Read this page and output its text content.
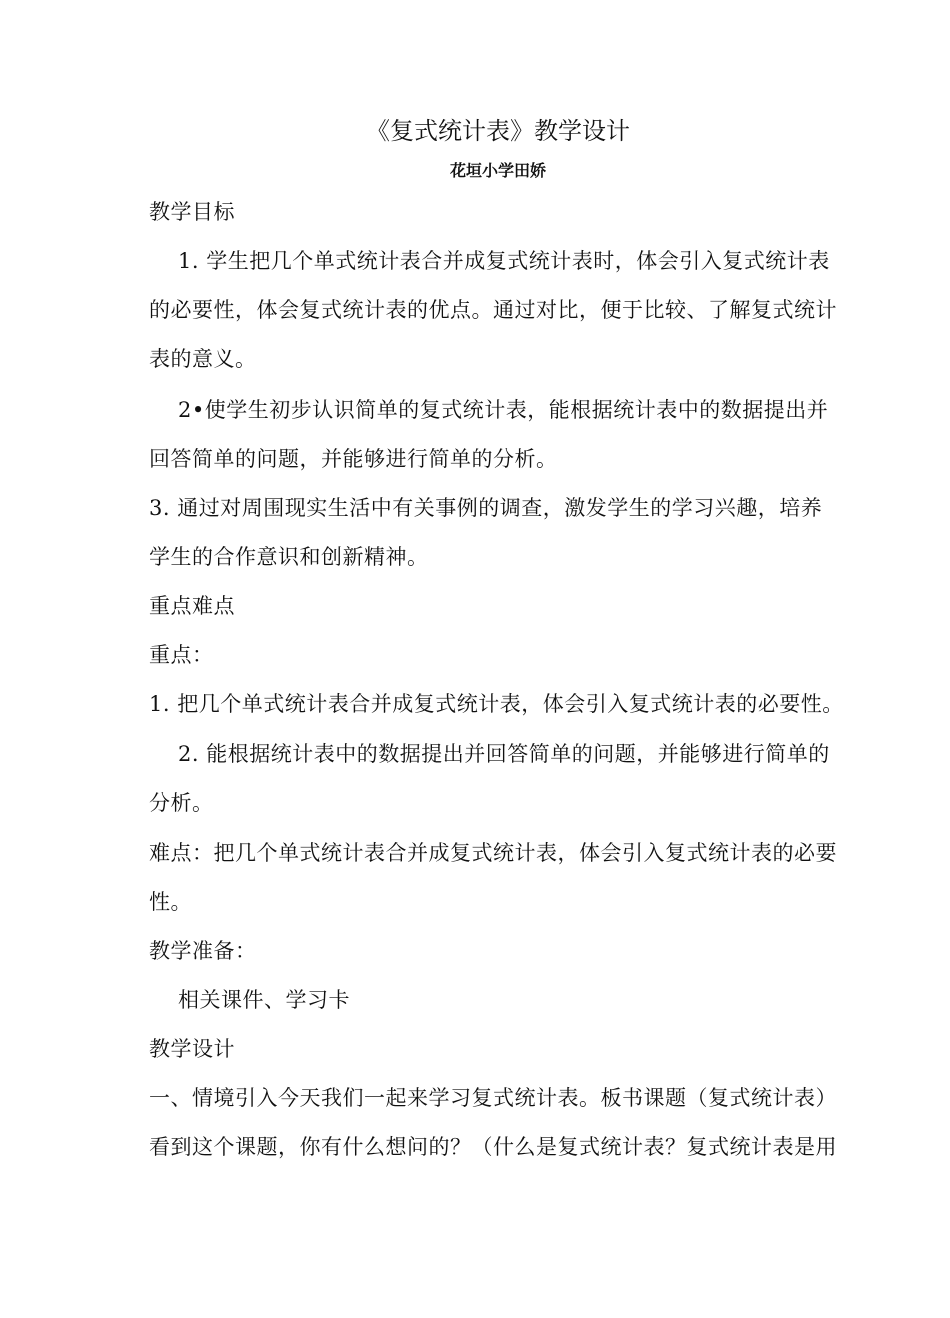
《复式统计表》教学设计
花垣小学田娇
教学目标
1. 学生把几个单式统计表合并成复式统计表时，体会引入复式统计表
的必要性，体会复式统计表的优点。通过对比，便于比较、了解复式统计
表的意义。
2•使学生初步认识简单的复式统计表，能根据统计表中的数据提出并
回答简单的问题，并能够进行简单的分析。
3. 通过对周围现实生活中有关事例的调查，激发学生的学习兴趣，培养
学生的合作意识和创新精神。
重点难点
重点：
1. 把几个单式统计表合并成复式统计表，体会引入复式统计表的必要性。
2. 能根据统计表中的数据提出并回答简单的问题，并能够进行简单的
分析。
难点：把几个单式统计表合并成复式统计表，体会引入复式统计表的必要
性。
教学准备：
相关课件、学习卡
教学设计
一、情境引入今天我们一起来学习复式统计表。板书课题（复式统计表）
看到这个课题，你有什么想问的？（什么是复式统计表？复式统计表是用
